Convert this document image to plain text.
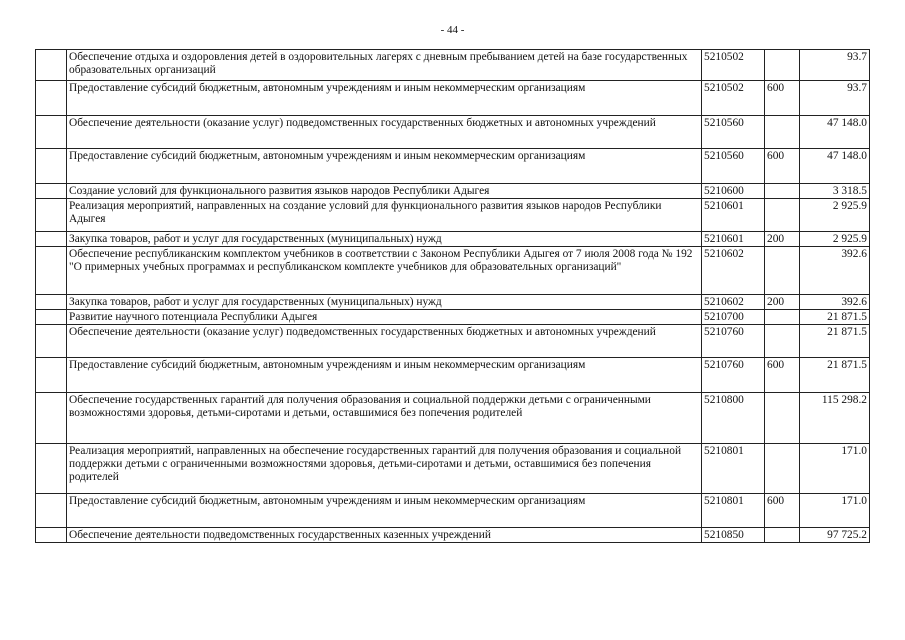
- 44 -
	Обеспечение отдыха и оздоровления детей в оздоровительных лагерях с дневным пребыванием детей на базе государственных образовательных организаций	5210502		93.7
	Предоставление субсидий бюджетным, автономным учреждениям и иным некоммерческим организациям	5210502	600	93.7
	Обеспечение деятельности (оказание услуг) подведомственных государственных бюджетных и автономных учреждений	5210560		47 148.0
	Предоставление субсидий бюджетным, автономным учреждениям и иным некоммерческим организациям	5210560	600	47 148.0
	Создание условий для функционального развития языков народов Республики Адыгея	5210600		3 318.5
	Реализация мероприятий, направленных на создание условий для функционального развития языков народов Республики Адыгея	5210601		2 925.9
	Закупка товаров, работ и услуг для государственных (муниципальных) нужд	5210601	200	2 925.9
	Обеспечение республиканским комплектом учебников в соответствии с Законом Республики Адыгея от 7 июля 2008 года № 192 "О примерных учебных программах и республиканском комплекте учебников для образовательных организаций"	5210602		392.6
	Закупка товаров, работ и услуг для государственных (муниципальных) нужд	5210602	200	392.6
	Развитие научного потенциала Республики Адыгея	5210700		21 871.5
	Обеспечение деятельности (оказание услуг) подведомственных государственных бюджетных и автономных учреждений	5210760		21 871.5
	Предоставление субсидий бюджетным, автономным учреждениям и иным некоммерческим организациям	5210760	600	21 871.5
	Обеспечение государственных гарантий для получения образования и социальной поддержки детьми с ограниченными возможностями здоровья, детьми-сиротами и детьми, оставшимися без попечения родителей	5210800		115 298.2
	Реализация мероприятий, направленных на обеспечение государственных гарантий для получения образования и социальной поддержки детьми с ограниченными возможностями здоровья, детьми-сиротами и детьми, оставшимися без попечения родителей	5210801		171.0
	Предоставление субсидий бюджетным, автономным учреждениям и иным некоммерческим организациям	5210801	600	171.0
	Обеспечение деятельности подведомственных государственных казенных учреждений	5210850		97 725.2
